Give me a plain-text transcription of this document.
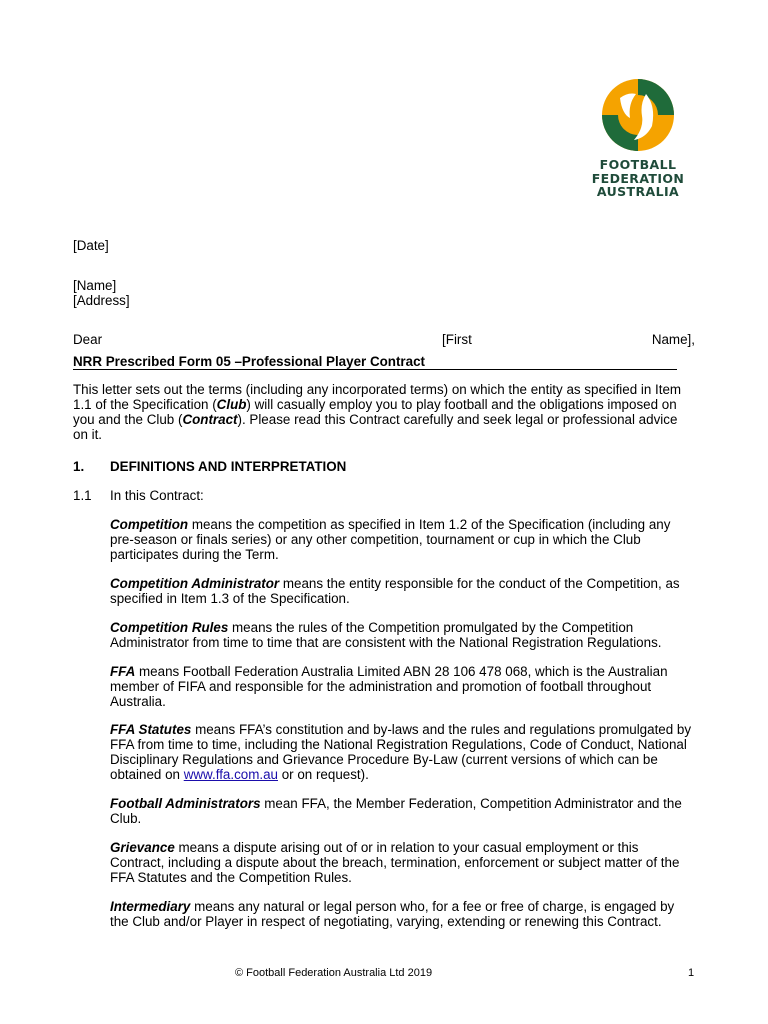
FOOTBALL
FEDERATION
AUSTRALIA

[Date]

[Name]

[Address]

Dear	[First	Name],

NRR Prescribed Form 05 –Professional Player Contract

This letter sets out the terms (including any incorporated terms) on which the entity as specified in Item 1.1 of the Specification (Club) will casually employ you to play football and the obligations imposed on you and the Club (Contract). Please read this Contract carefully and seek legal or professional advice on it.

1. DEFINITIONS AND INTERPRETATION

1.1 In this Contract:

Competition means the competition as specified in Item 1.2 of the Specification (including any pre-season or finals series) or any other competition, tournament or cup in which the Club participates during the Term.

Competition Administrator means the entity responsible for the conduct of the Competition, as specified in Item 1.3 of the Specification.

Competition Rules means the rules of the Competition promulgated by the Competition Administrator from time to time that are consistent with the National Registration Regulations.

FFA means Football Federation Australia Limited ABN 28 106 478 068, which is the Australian member of FIFA and responsible for the administration and promotion of football throughout Australia.

FFA Statutes means FFA’s constitution and by-laws and the rules and regulations promulgated by FFA from time to time, including the National Registration Regulations, Code of Conduct, National Disciplinary Regulations and Grievance Procedure By-Law (current versions of which can be obtained on www.ffa.com.au or on request).

Football Administrators mean FFA, the Member Federation, Competition Administrator and the Club.

Grievance means a dispute arising out of or in relation to your casual employment or this Contract, including a dispute about the breach, termination, enforcement or subject matter of the FFA Statutes and the Competition Rules.

Intermediary means any natural or legal person who, for a fee or free of charge, is engaged by the Club and/or Player in respect of negotiating, varying, extending or renewing this Contract.

© Football Federation Australia Ltd 2019	1
